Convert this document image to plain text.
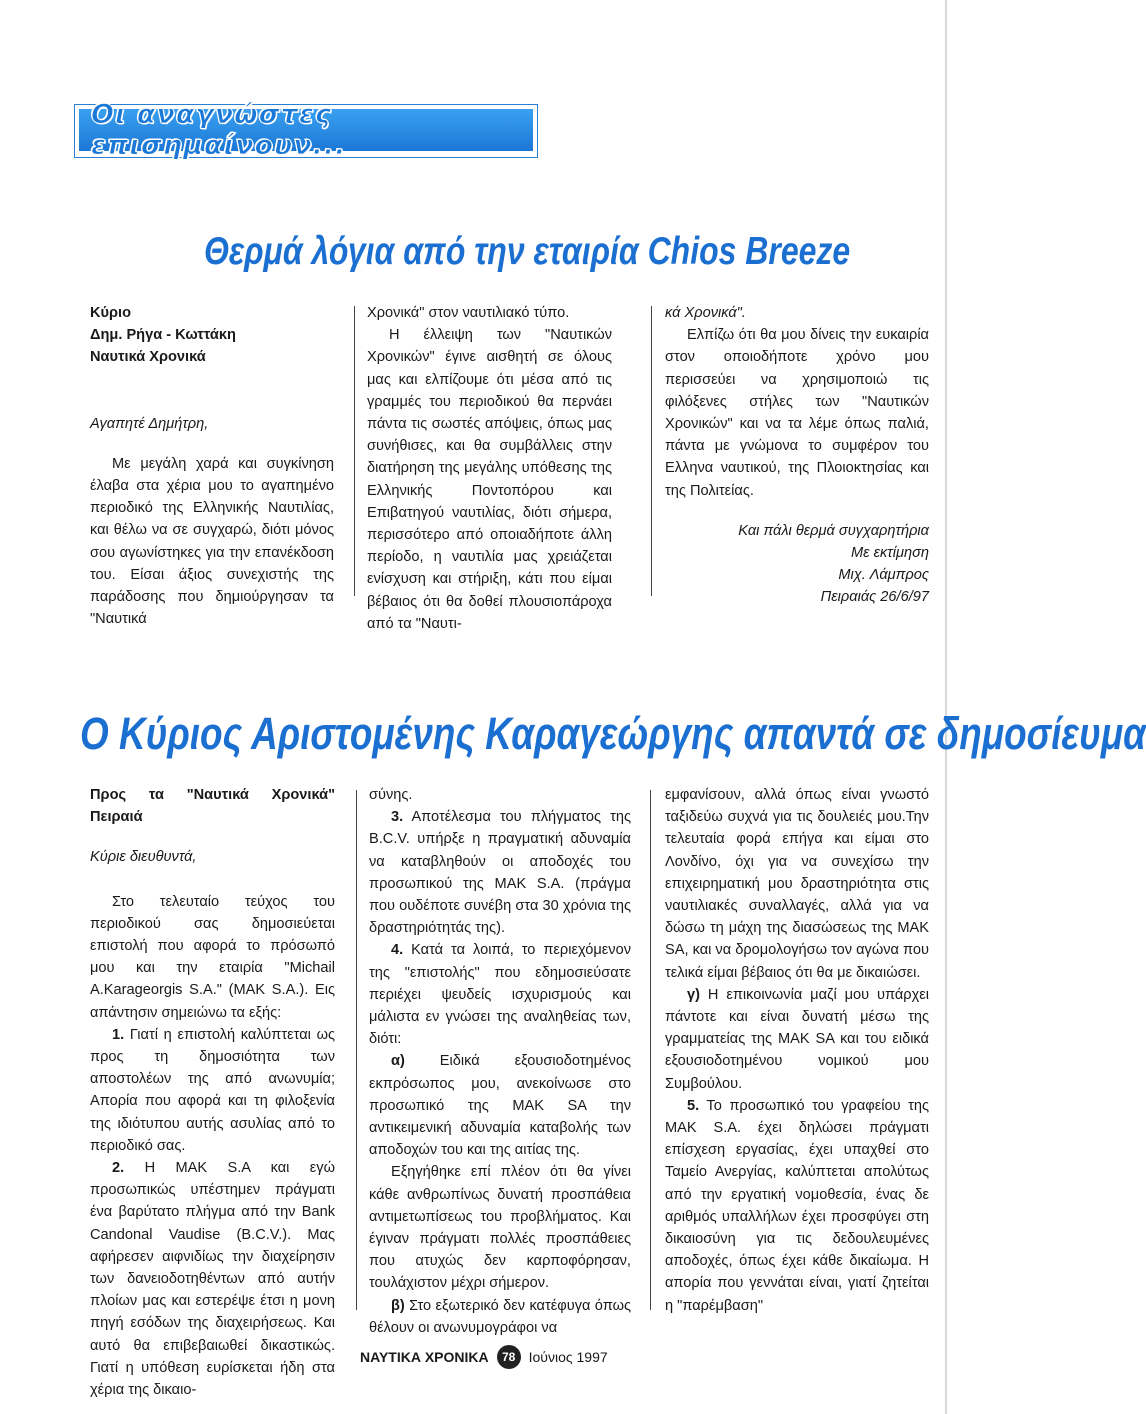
Οι αναγνώστες επισημαίνουν...
Θερμά λόγια από την εταιρία Chios Breeze

Κύριο

Δημ. Ρήγα - Κωττάκη

Ναυτικά Χρονικά

Αγαπητέ Δημήτρη,

Με μεγάλη χαρά και συγκίνηση έλαβα στα χέρια μου το αγαπημένο περιοδικό της Ελληνικής Ναυτιλίας, και θέλω να σε συγχαρώ, διότι μόνος σου αγωνίστηκες για την επανέκδοση του. Είσαι άξιος συνεχιστής της παράδοσης που δημιούργησαν τα "Ναυτικά

Χρονικά" στον ναυτιλιακό τύπο.

Η έλλειψη των "Ναυτικών Χρονικών" έγινε αισθητή σε όλους μας και ελπίζουμε ότι μέσα από τις γραμμές του περιοδικού θα περνάει πάντα τις σωστές απόψεις, όπως μας συνήθισες, και θα συμβάλλεις στην διατήρηση της μεγάλης υπόθεσης της Ελληνικής Ποντοπόρου και Επιβατηγού ναυτιλίας, διότι σήμερα, περισσότερο από οποιαδήποτε άλλη περίοδο, η ναυτιλία μας χρειάζεται ενίσχυση και στήριξη, κάτι που είμαι βέβαιος ότι θα δοθεί πλουσιοπάροχα από τα "Ναυτι-

κά Χρονικά".

Ελπίζω ότι θα μου δίνεις την ευκαιρία στον οποιοδήποτε χρόνο μου περισσεύει να χρησιμοποιώ τις φιλόξενες στήλες των "Ναυτικών Χρονικών" και να τα λέμε όπως παλιά, πάντα με γνώμονα το συμφέρον του Ελληνα ναυτικού, της Πλοιοκτησίας και της Πολιτείας.

Και πάλι θερμά συγχαρητήρια

Με εκτίμηση

Μιχ. Λάμπρος

Πειραιάς 26/6/97

Ο Κύριος Αριστομένης Καραγεώργης απαντά σε δημοσίευμα

Προς τα "Ναυτικά Χρονικά" Πειραιά

Κύριε διευθυντά,

Στο τελευταίο τεύχος του περιοδικού σας δημοσιεύεται επιστολή που αφορά το πρόσωπό μου και την εταιρία "Michail A.Karageorgis S.A." (MAK S.A.). Εις απάντησιν σημειώνω τα εξής:

1. Γιατί η επιστολή καλύπτεται ως προς τη δημοσιότητα των αποστολέων της από ανωνυμία; Απορία που αφορά και τη φιλοξενία της ιδιότυπου αυτής ασυλίας από το περιοδικό σας.

2. Η ΜΑΚ S.A και εγώ προσωπικώς υπέστημεν πράγματι ένα βαρύτατο πλήγμα από την Bank Candonal Vaudise (B.C.V.). Μας αφήρεσεν αιφνιδίως την διαχείρησιν των δανειοδοτηθέντων από αυτήν πλοίων μας και εστερέψε έτσι η μονη πηγή εσόδων της διαχειρήσεως. Και αυτό θα επιβεβαιωθεί δικαστικώς. Γιατί η υπόθεση ευρίσκεται ήδη στα χέρια της δικαιο-

σύνης.

3. Αποτέλεσμα του πλήγματος της B.C.V. υπήρξε η πραγματική αδυναμία να καταβληθούν οι αποδοχές του προσωπικού της ΜΑΚ S.A. (πράγμα που ουδέποτε συνέβη στα 30 χρόνια της δραστηριότητάς της).

4. Κατά τα λοιπά, το περιεχόμενον της "επιστολής" που εδημοσιεύσατε περιέχει ψευδείς ισχυρισμούς και μάλιστα εν γνώσει της αναληθείας των, διότι:

α) Ειδικά εξουσιοδοτημένος εκπρόσωπος μου, ανεκοίνωσε στο προσωπικό της ΜΑΚ SA την αντικειμενική αδυναμία καταβολής των αποδοχών του και της αιτίας της.

Εξηγήθηκε επί πλέον ότι θα γίνει κάθε ανθρωπίνως δυνατή προσπάθεια αντιμετωπίσεως του προβλήματος. Και έγιναν πράγματι πολλές προσπάθειες που ατυχώς δεν καρποφόρησαν, τουλάχιστον μέχρι σήμερον.

β) Στο εξωτερικό δεν κατέφυγα όπως θέλουν οι ανωνυμογράφοι να

εμφανίσουν, αλλά όπως είναι γνωστό ταξιδεύω συχνά για τις δουλειές μου.Την τελευταία φορά επήγα και είμαι στο Λονδίνο, όχι για να συνεχίσω την επιχειρηματική μου δραστηριότητα στις ναυτιλιακές συναλλαγές, αλλά για να δώσω τη μάχη της διασώσεως της ΜΑΚ SA, και να δρομολογήσω τον αγώνα που τελικά είμαι βέβαιος ότι θα με δικαιώσει.

γ) Η επικοινωνία μαζί μου υπάρχει πάντοτε και είναι δυνατή μέσω της γραμματείας της ΜΑΚ SA και του ειδικά εξουσιοδοτημένου νομικού μου Συμβούλου.

5. Το προσωπικό του γραφείου της ΜΑΚ S.A. έχει δηλώσει πράγματι επίσχεση εργασίας, έχει υπαχθεί στο Ταμείο Ανεργίας, καλύπτεται απολύτως από την εργατική νομοθεσία, ένας δε αριθμός υπαλλήλων έχει προσφύγει στη δικαιοσύνη για τις δεδουλευμένες αποδοχές, όπως έχει κάθε δικαίωμα. Η απορία που γεννάται είναι, γιατί ζητείται η "παρέμβαση"

ΝΑΥΤΙΚΑ ΧΡΟΝΙΚΑ	78 Ιούνιος 1997
